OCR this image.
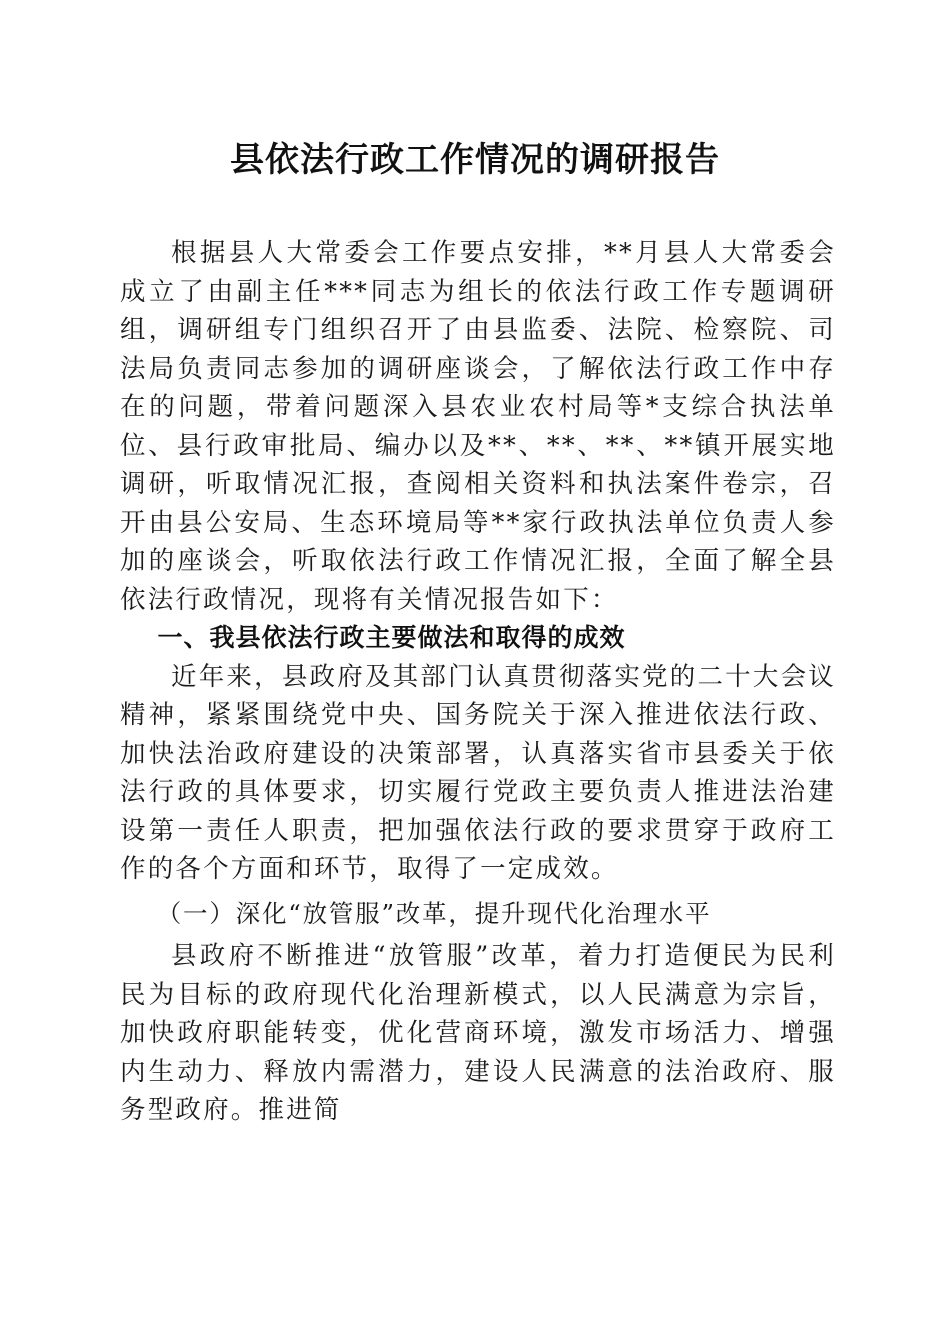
县依法行政工作情况的调研报告

根据县人大常委会工作要点安排，**月县人大常委会成立了由副主任***同志为组长的依法行政工作专题调研组，调研组专门组织召开了由县监委、法院、检察院、司法局负责同志参加的调研座谈会，了解依法行政工作中存在的问题，带着问题深入县农业农村局等*支综合执法单位、县行政审批局、编办以及**、**、**、**镇开展实地调研，听取情况汇报，查阅相关资料和执法案件卷宗，召开由县公安局、生态环境局等**家行政执法单位负责人参加的座谈会，听取依法行政工作情况汇报，全面了解全县依法行政情况，现将有关情况报告如下：

一、我县依法行政主要做法和取得的成效

近年来，县政府及其部门认真贯彻落实党的二十大会议精神，紧紧围绕党中央、国务院关于深入推进依法行政、加快法治政府建设的决策部署，认真落实省市县委关于依法行政的具体要求，切实履行党政主要负责人推进法治建设第一责任人职责，把加强依法行政的要求贯穿于政府工作的各个方面和环节，取得了一定成效。

（一）深化“放管服”改革，提升现代化治理水平

县政府不断推进“放管服”改革，着力打造便民为民利民为目标的政府现代化治理新模式，以人民满意为宗旨，加快政府职能转变，优化营商环境，激发市场活力、增强内生动力、释放内需潜力，建设人民满意的法治政府、服务型政府。推进简
